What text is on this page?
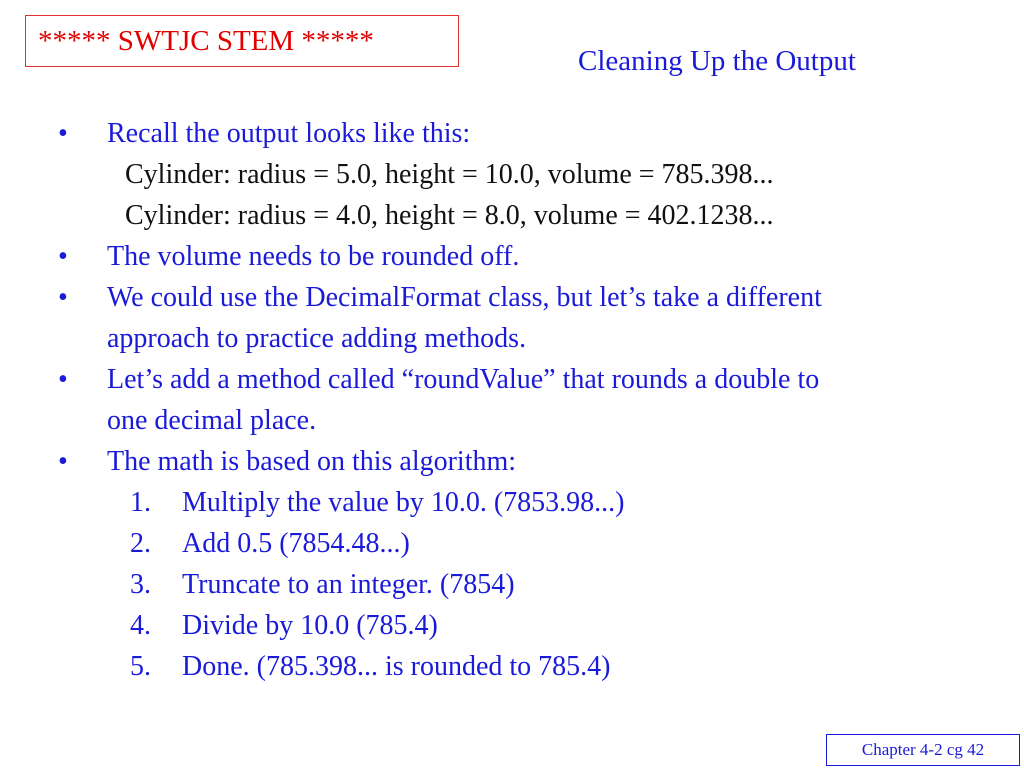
***** SWTJC STEM *****
Cleaning Up the Output
• Recall the output looks like this:
Cylinder: radius = 5.0, height = 10.0, volume = 785.398...
Cylinder: radius = 4.0, height = 8.0, volume = 402.1238...
• The volume needs to be rounded off.
• We could use the DecimalFormat class, but let’s take a different
approach to practice adding methods.
• Let’s add a method called “roundValue” that rounds a double to
one decimal place.
• The math is based on this algorithm:
1. Multiply the value by 10.0. (7853.98...)
2. Add 0.5 (7854.48...)
3. Truncate to an integer. (7854)
4. Divide by 10.0 (785.4)
5. Done. (785.398... is rounded to 785.4)
Chapter 4-2 cg 42
